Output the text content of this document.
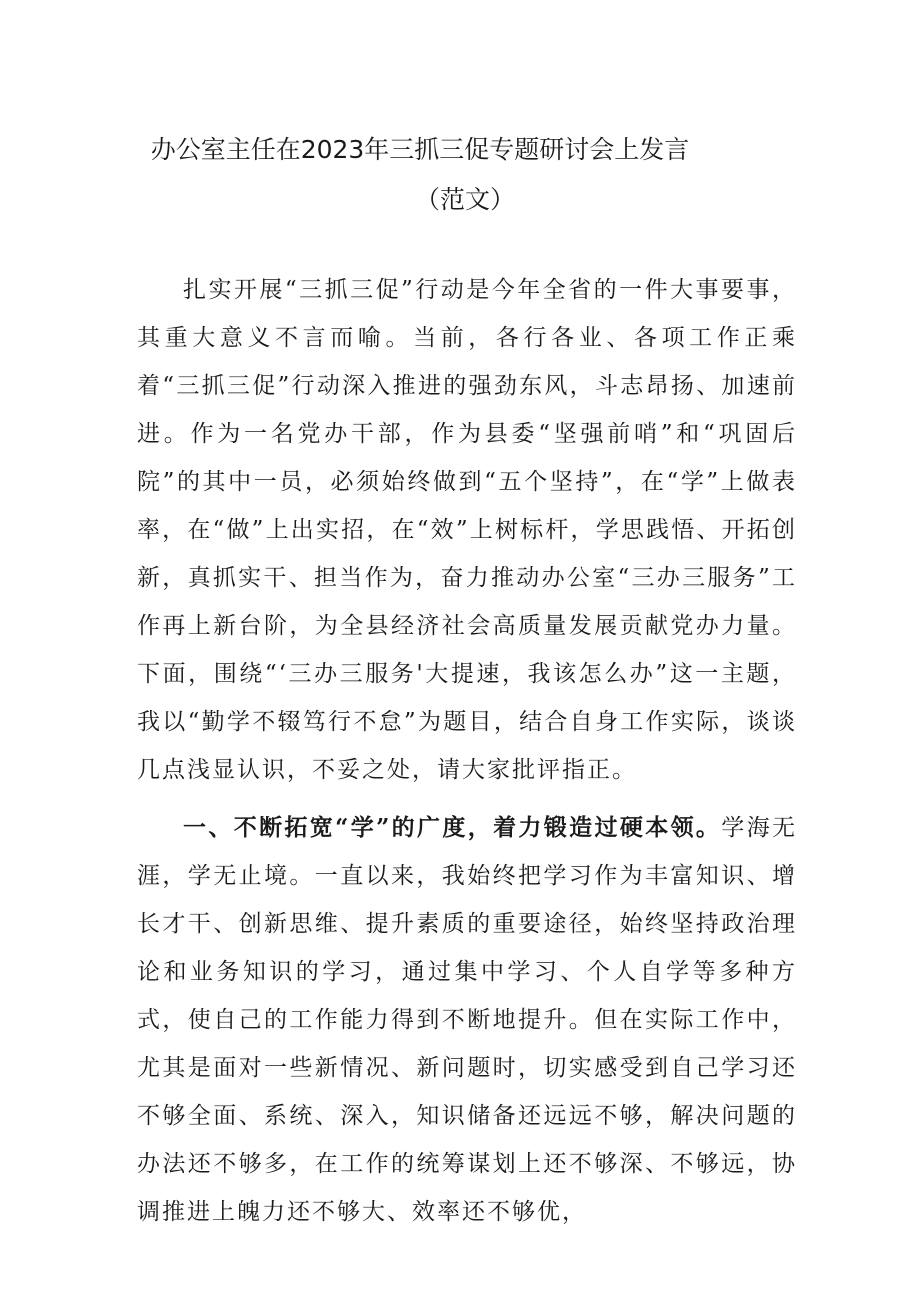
办公室主任在2023年三抓三促专题研讨会上发言
（范文）

扎实开展“三抓三促”行动是今年全省的一件大事要事，其重大意义不言而喻。当前，各行各业、各项工作正乘着“三抓三促”行动深入推进的强劲东风，斗志昂扬、加速前进。作为一名党办干部，作为县委“坚强前哨”和“巩固后院”的其中一员，必须始终做到“五个坚持”，在“学”上做表率，在“做”上出实招，在“效”上树标杆，学思践悟、开拓创新，真抓实干、担当作为，奋力推动办公室“三办三服务”工作再上新台阶，为全县经济社会高质量发展贡献党办力量。下面，围绕“‘三办三服务'大提速，我该怎么办”这一主题，我以“勤学不辍笃行不怠”为题目，结合自身工作实际，谈谈几点浅显认识，不妥之处，请大家批评指正。

一、不断拓宽“学”的广度，着力锻造过硬本领。学海无涯，学无止境。一直以来，我始终把学习作为丰富知识、增长才干、创新思维、提升素质的重要途径，始终坚持政治理论和业务知识的学习，通过集中学习、个人自学等多种方式，使自己的工作能力得到不断地提升。但在实际工作中，尤其是面对一些新情况、新问题时，切实感受到自己学习还不够全面、系统、深入，知识储备还远远不够，解决问题的办法还不够多，在工作的统筹谋划上还不够深、不够远，协调推进上魄力还不够大、效率还不够优，
